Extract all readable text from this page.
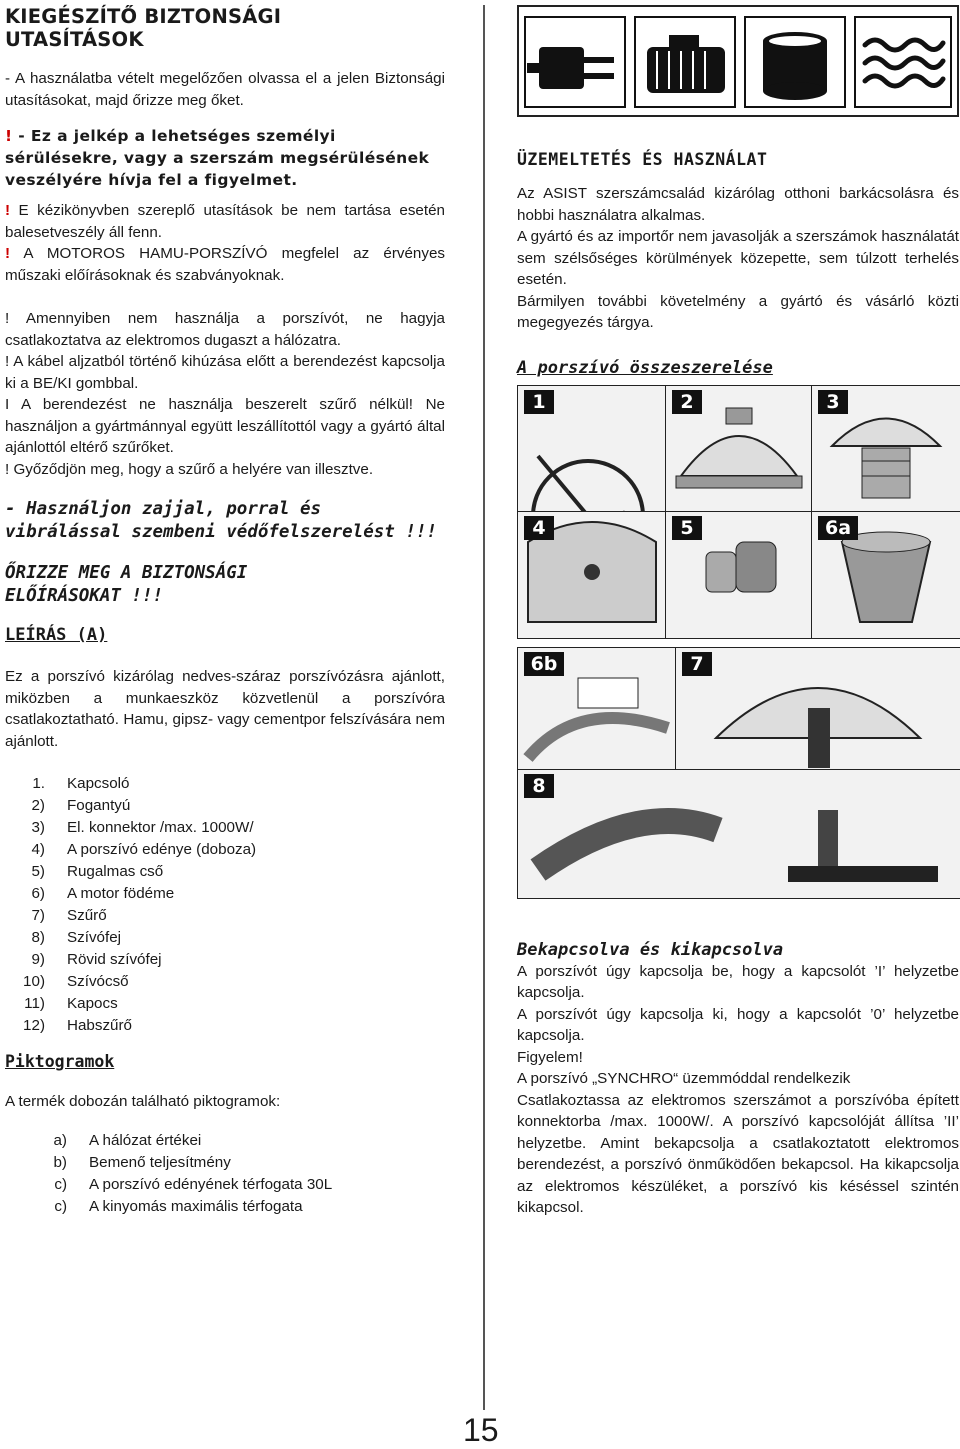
KIEGÉSZÍTŐ BIZTONSÁGI UTASÍTÁSOK

- A használatba vételt megelőzően olvassa el a jelen Biztonsági utasításokat, majd őrizze meg őket.

! - Ez a jelkép a lehetséges személyi sérülésekre, vagy a szerszám megsérülésének veszélyére hívja fel a figyelmet.

! E kézikönyvben szereplő utasítások be nem tartása esetén balesetveszély áll fenn.

! A MOTOROS HAMU-PORSZÍVÓ megfelel az érvényes műszaki előírásoknak és szabványoknak.

! Amennyiben nem használja a porszívót, ne hagyja csatlakoztatva az elektromos dugaszt a hálózatra.

! A kábel aljzatból történő kihúzása előtt a berendezést kapcsolja ki a BE/KI gombbal.

I A berendezést ne használja beszerelt szűrő nélkül! Ne használjon a gyártmánnyal együtt leszállítottól vagy a gyártó által ajánlottól eltérő szűrőket.

! Győződjön meg, hogy a szűrő a helyére van illesztve.

- Használjon zajjal, porral és vibrálással szembeni védőfelszerelést !!!

ŐRIZZE MEG A BIZTONSÁGI ELŐÍRÁSOKAT !!!

LEÍRÁS (A)

Ez a porszívó kizárólag nedves-száraz porszívózásra ajánlott, miközben a munkaeszköz közvetlenül a porszívóra csatlakoztatható. Hamu, gipsz- vagy cementpor felszívására nem ajánlott.

1.	Kapcsoló
2)	Fogantyú
3)	El. konnektor /max. 1000W/
4)	A porszívó edénye (doboza)
5)	Rugalmas cső
6)	A motor födéme
7)	Szűrő
8)	Szívófej
9)	Rövid szívófej
10)	Szívócső
11)	Kapocs
12)	Habszűrő

Piktogramok

A termék dobozán található piktogramok:

a)	A hálózat értékei
b)	Bemenő teljesítmény
c)	A porszívó edényének térfogata 30L
c)	A kinyomás maximális térfogata

ÜZEMELTETÉS ÉS HASZNÁLAT

Az ASIST szerszámcsalád kizárólag otthoni barkácsolásra és hobbi használatra alkalmas.

A gyártó és az importőr nem javasolják a szerszámok használatát sem szélsőséges körülmények közepette, sem túlzott terhelés esetén.

Bármilyen további követelmény a gyártó és vásárló közti megegyezés tárgya.

A porszívó összeszerelése

1	2	3
4	5	6a
6b	7
8

Bekapcsolva és kikapcsolva

A porszívót úgy kapcsolja be, hogy a kapcsolót ’I’ helyzetbe kapcsolja.

A porszívót úgy kapcsolja ki, hogy a kapcsolót ’0’ helyzetbe kapcsolja.

Figyelem!

A porszívó „SYNCHRO“ üzemmóddal rendelkezik

Csatlakoztassa az elektromos szerszámot a porszívóba épített konnektorba /max. 1000W/. A porszívó kapcsolóját állítsa ’II’ helyzetbe. Amint bekapcsolja a csatlakoztatott elektromos berendezést, a porszívó önműködően bekapcsol. Ha kikapcsolja az elektromos készüléket, a porszívó kis késéssel szintén kikapcsol.

15
